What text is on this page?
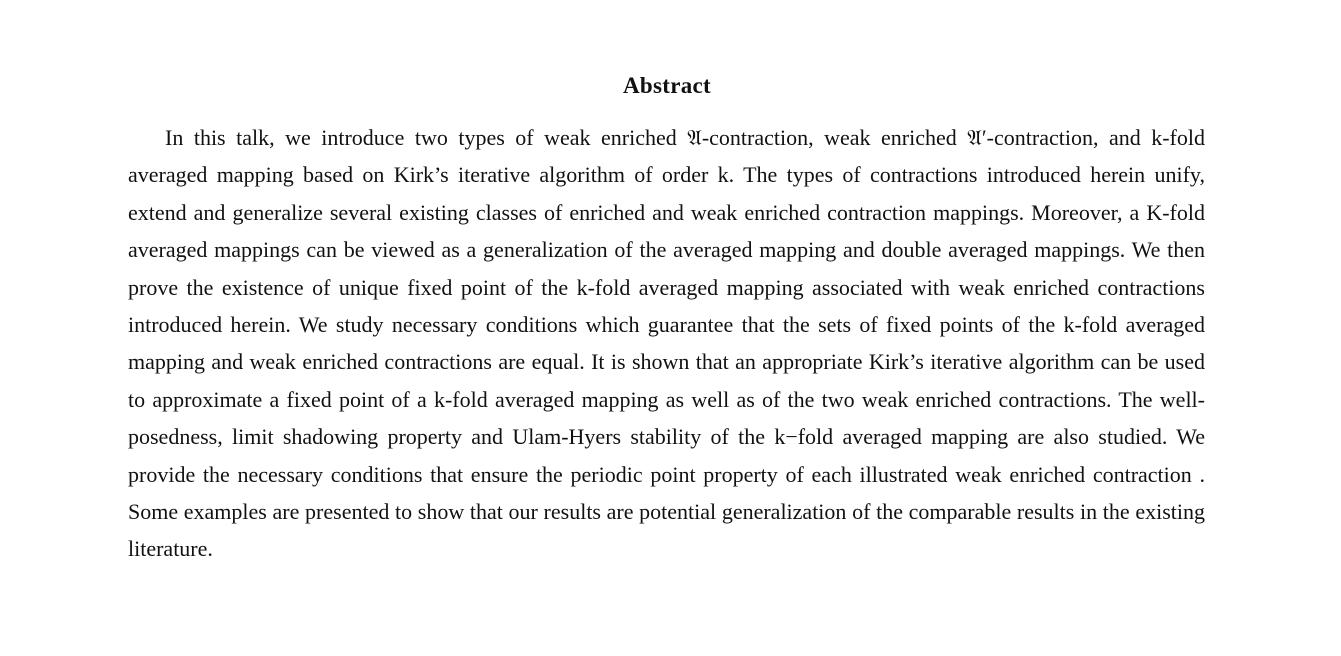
Abstract

In this talk, we introduce two types of weak enriched 𝔄-contraction, weak enriched 𝔄′-contraction, and k-fold averaged mapping based on Kirk’s iterative algorithm of order k. The types of contractions introduced herein unify, extend and generalize several existing classes of enriched and weak enriched contraction mappings. Moreover, a K-fold averaged mappings can be viewed as a generalization of the averaged mapping and double averaged mappings. We then prove the existence of unique fixed point of the k-fold averaged mapping associated with weak enriched contractions introduced herein. We study necessary conditions which guarantee that the sets of fixed points of the k-fold averaged mapping and weak enriched contractions are equal. It is shown that an appropriate Kirk’s iterative algorithm can be used to approximate a fixed point of a k-fold averaged mapping as well as of the two weak enriched contractions. The well-posedness, limit shadowing property and Ulam-Hyers stability of the k−fold averaged mapping are also studied. We provide the necessary conditions that ensure the periodic point property of each illustrated weak enriched contraction . Some examples are presented to show that our results are potential generalization of the comparable results in the existing literature.
